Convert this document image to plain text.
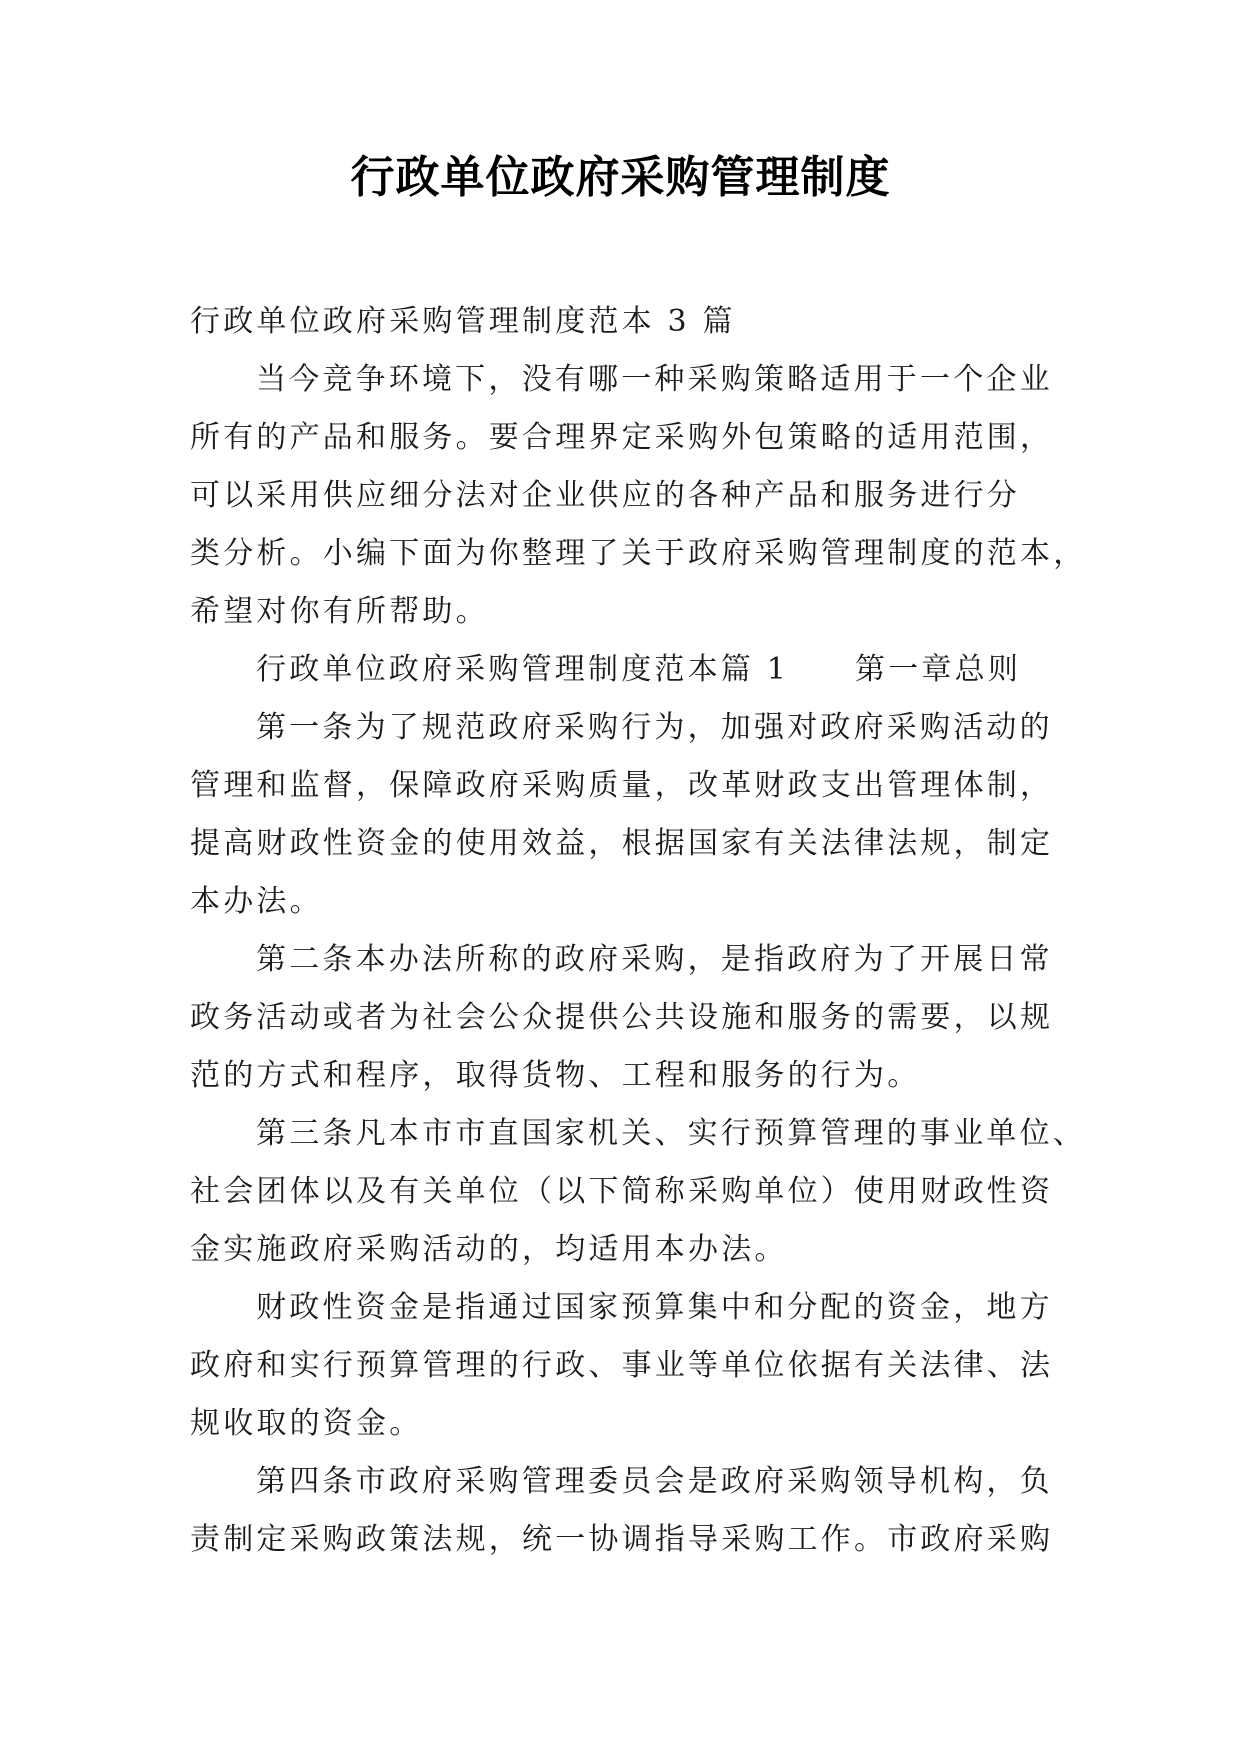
行政单位政府采购管理制度
行政单位政府采购管理制度范本 3 篇
当今竞争环境下，没有哪一种采购策略适用于一个企业
所有的产品和服务。要合理界定采购外包策略的适用范围，
可以采用供应细分法对企业供应的各种产品和服务进行分
类分析。小编下面为你整理了关于政府采购管理制度的范本，
希望对你有所帮助。
行政单位政府采购管理制度范本篇 1 第一章总则
第一条为了规范政府采购行为，加强对政府采购活动的
管理和监督，保障政府采购质量，改革财政支出管理体制，
提高财政性资金的使用效益，根据国家有关法律法规，制定
本办法。
第二条本办法所称的政府采购，是指政府为了开展日常
政务活动或者为社会公众提供公共设施和服务的需要，以规
范的方式和程序，取得货物、工程和服务的行为。
第三条凡本市市直国家机关、实行预算管理的事业单位、
社会团体以及有关单位（以下简称采购单位）使用财政性资
金实施政府采购活动的，均适用本办法。
财政性资金是指通过国家预算集中和分配的资金，地方
政府和实行预算管理的行政、事业等单位依据有关法律、法
规收取的资金。
第四条市政府采购管理委员会是政府采购领导机构，负
责制定采购政策法规，统一协调指导采购工作。市政府采购
